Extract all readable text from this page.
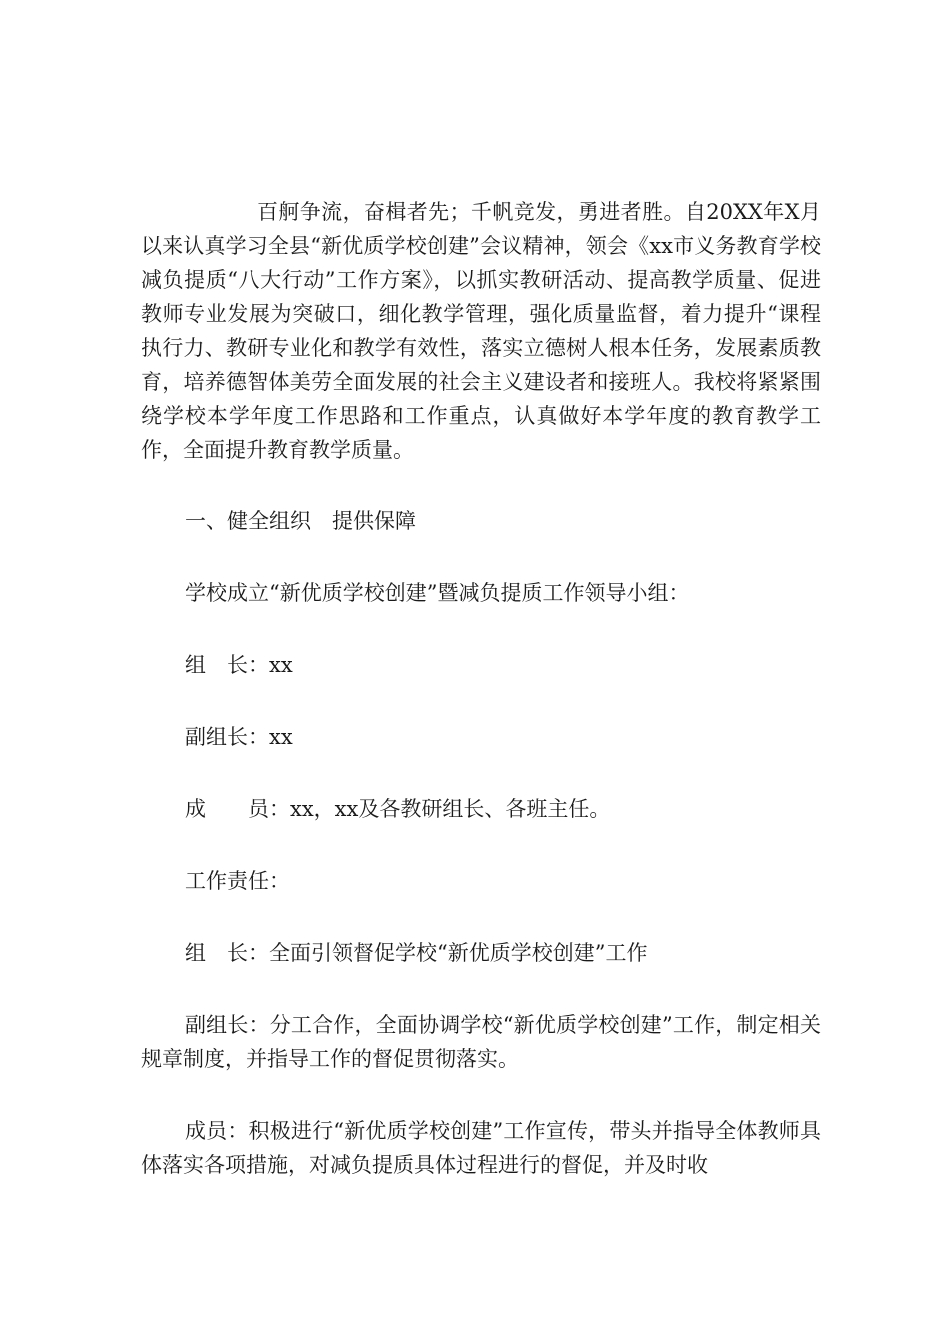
百舸争流，奋楫者先；千帆竞发，勇进者胜。自20XX年X月以来认真学习全县“新优质学校创建”会议精神，领会《xx市义务教育学校减负提质“八大行动”工作方案》，以抓实教研活动、提高教学质量、促进教师专业发展为突破口，细化教学管理，强化质量监督，着力提升“课程执行力、教研专业化和教学有效性，落实立德树人根本任务，发展素质教育，培养德智体美劳全面发展的社会主义建设者和接班人。我校将紧紧围绕学校本学年度工作思路和工作重点，认真做好本学年度的教育教学工作，全面提升教育教学质量。

一、健全组织　提供保障

学校成立“新优质学校创建”暨减负提质工作领导小组：

组　长：xx

副组长：xx

成　　员：xx，xx及各教研组长、各班主任。

工作责任：

组　长：全面引领督促学校“新优质学校创建”工作

副组长：分工合作，全面协调学校“新优质学校创建”工作，制定相关规章制度，并指导工作的督促贯彻落实。

成员：积极进行“新优质学校创建”工作宣传，带头并指导全体教师具体落实各项措施，对减负提质具体过程进行的督促，并及时收
